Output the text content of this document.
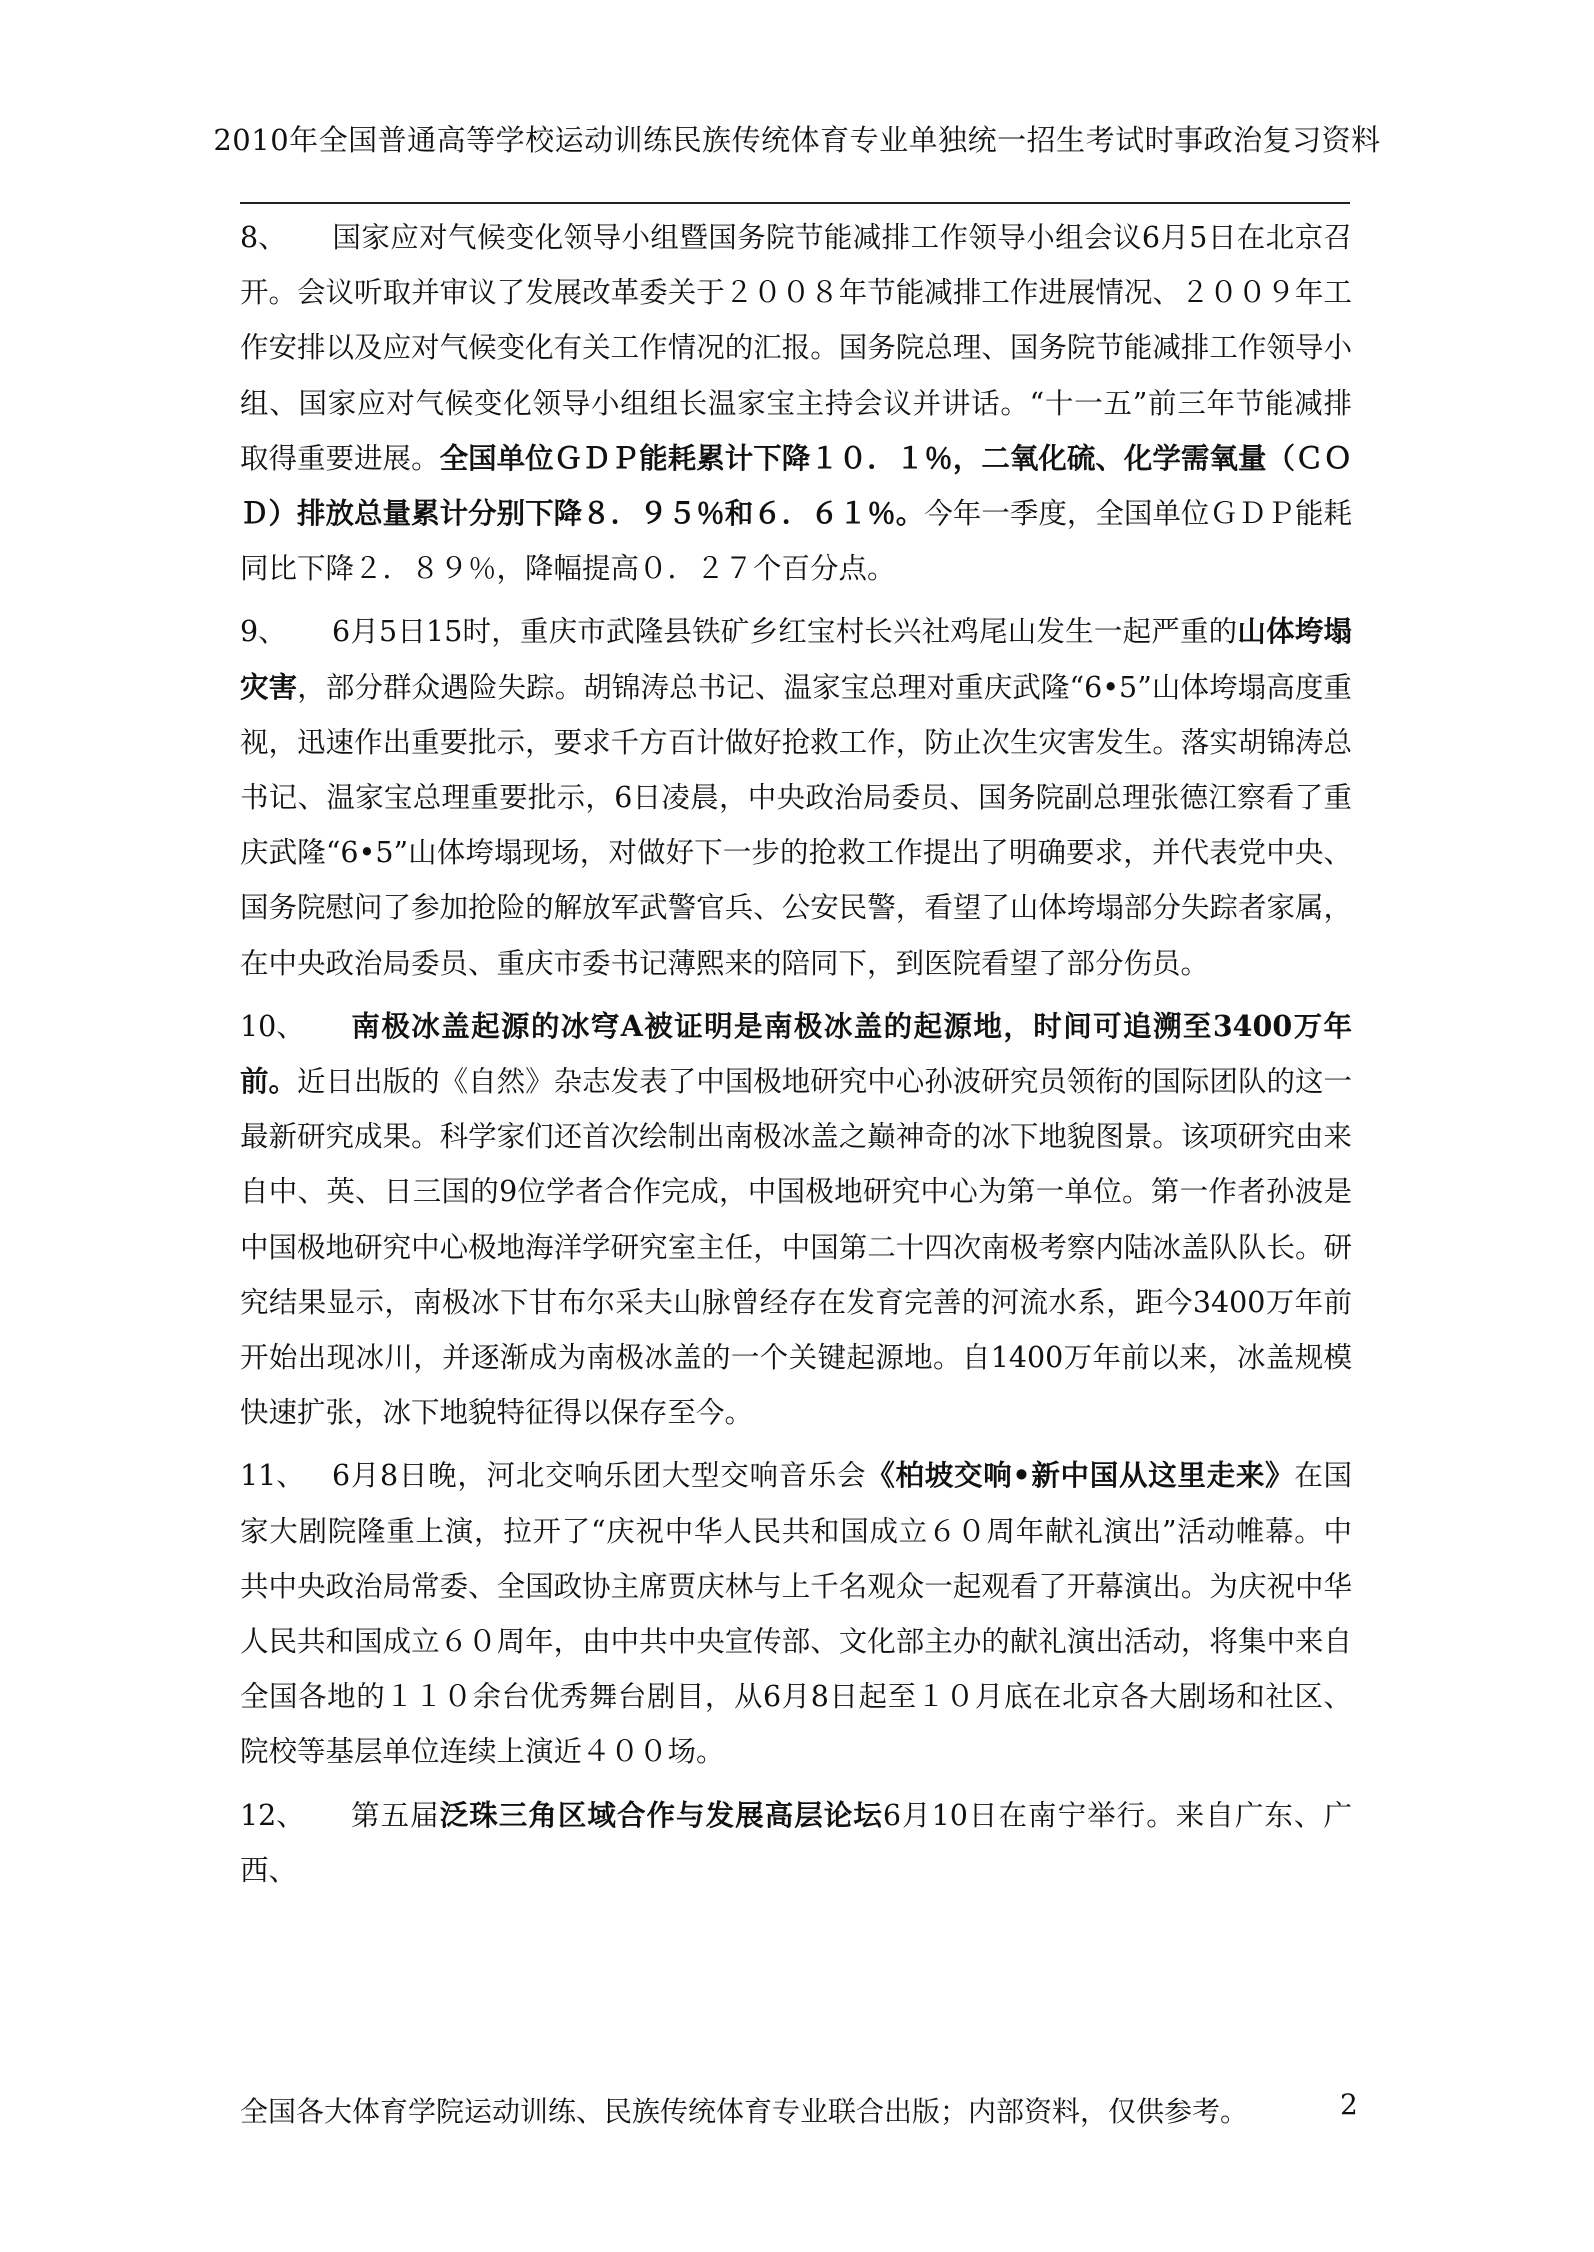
2010年全国普通高等学校运动训练民族传统体育专业单独统一招生考试时事政治复习资料

8、 国家应对气候变化领导小组暨国务院节能减排工作领导小组会议6月5日在北京召开。会议听取并审议了发展改革委关于２００８年节能减排工作进展情况、２００９年工作安排以及应对气候变化有关工作情况的汇报。国务院总理、国务院节能减排工作领导小组、国家应对气候变化领导小组组长温家宝主持会议并讲话。“十一五”前三年节能减排取得重要进展。全国单位ＧＤＰ能耗累计下降１０．１％，二氧化硫、化学需氧量（ＣＯＤ）排放总量累计分别下降８．９５％和６．６１％。今年一季度，全国单位ＧＤＰ能耗同比下降２．８９％，降幅提高０．２７个百分点。

9、 6月5日15时，重庆市武隆县铁矿乡红宝村长兴社鸡尾山发生一起严重的山体垮塌灾害，部分群众遇险失踪。胡锦涛总书记、温家宝总理对重庆武隆“6•5”山体垮塌高度重视，迅速作出重要批示，要求千方百计做好抢救工作，防止次生灾害发生。落实胡锦涛总书记、温家宝总理重要批示，6日凌晨，中央政治局委员、国务院副总理张德江察看了重庆武隆“6•5”山体垮塌现场，对做好下一步的抢救工作提出了明确要求，并代表党中央、国务院慰问了参加抢险的解放军武警官兵、公安民警，看望了山体垮塌部分失踪者家属，在中央政治局委员、重庆市委书记薄熙来的陪同下，到医院看望了部分伤员。

10、 南极冰盖起源的冰穹A被证明是南极冰盖的起源地，时间可追溯至3400万年前。近日出版的《自然》杂志发表了中国极地研究中心孙波研究员领衔的国际团队的这一最新研究成果。科学家们还首次绘制出南极冰盖之巅神奇的冰下地貌图景。该项研究由来自中、英、日三国的9位学者合作完成，中国极地研究中心为第一单位。第一作者孙波是中国极地研究中心极地海洋学研究室主任，中国第二十四次南极考察内陆冰盖队队长。研究结果显示，南极冰下甘布尔采夫山脉曾经存在发育完善的河流水系，距今3400万年前开始出现冰川，并逐渐成为南极冰盖的一个关键起源地。自1400万年前以来，冰盖规模快速扩张，冰下地貌特征得以保存至今。

11、 6月8日晚，河北交响乐团大型交响音乐会《柏坡交响•新中国从这里走来》在国家大剧院隆重上演，拉开了“庆祝中华人民共和国成立６０周年献礼演出”活动帷幕。中共中央政治局常委、全国政协主席贾庆林与上千名观众一起观看了开幕演出。为庆祝中华人民共和国成立６０周年，由中共中央宣传部、文化部主办的献礼演出活动，将集中来自全国各地的１１０余台优秀舞台剧目，从6月8日起至１０月底在北京各大剧场和社区、院校等基层单位连续上演近４００场。

12、 第五届泛珠三角区域合作与发展高层论坛6月10日在南宁举行。来自广东、广西、

全国各大体育学院运动训练、民族传统体育专业联合出版；内部资料，仅供参考。	2
